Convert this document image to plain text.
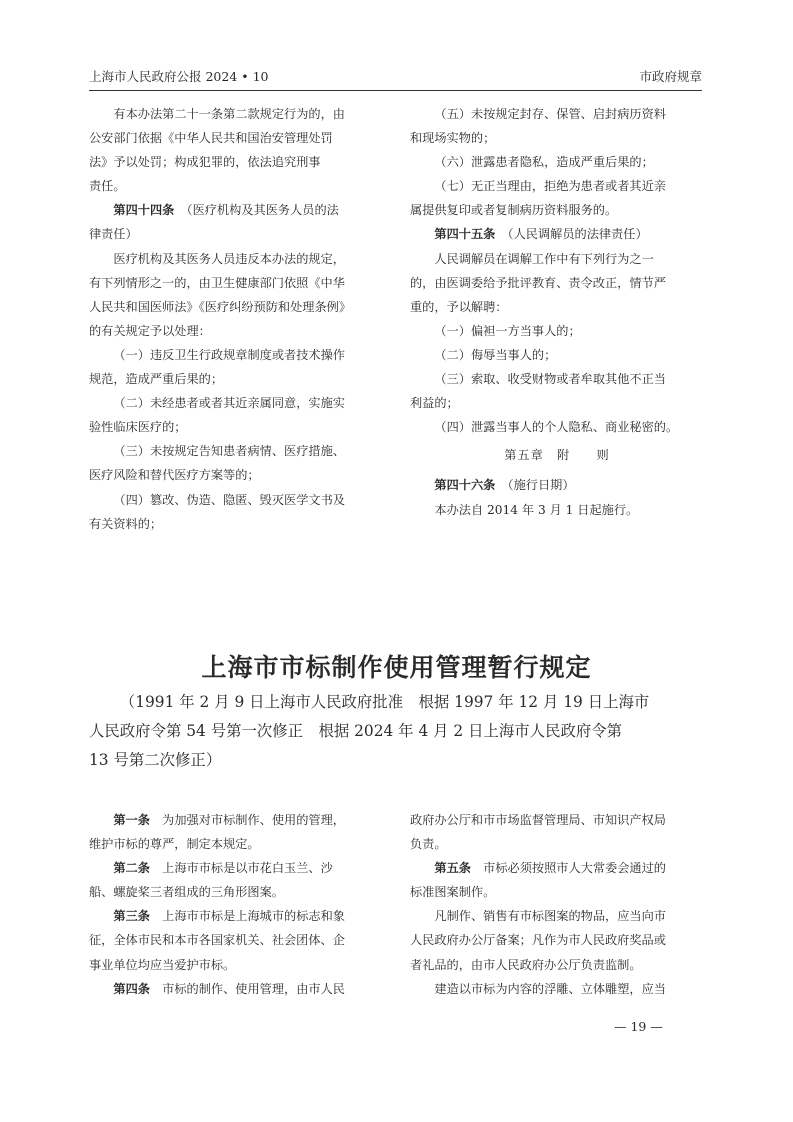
上海市人民政府公报 2024 • 10	市政府规章

有本办法第二十一条第二款规定行为的，由
公安部门依据《中华人民共和国治安管理处罚
法》予以处罚；构成犯罪的，依法追究刑事
责任。

第四十四条　 （医疗机构及其医务人员的法
律责任）

医疗机构及其医务人员违反本办法的规定，
有下列情形之一的，由卫生健康部门依照《中华
人民共和国医师法》《医疗纠纷预防和处理条例》
的有关规定予以处理：

（一）违反卫生行政规章制度或者技术操作
规范，造成严重后果的；

（二）未经患者或者其近亲属同意，实施实
验性临床医疗的；

（三）未按规定告知患者病情、医疗措施、
医疗风险和替代医疗方案等的；

（四）篡改、伪造、隐匿、毁灭医学文书及
有关资料的；

（五）未按规定封存、保管、启封病历资料
和现场实物的；

（六）泄露患者隐私，造成严重后果的；

（七）无正当理由，拒绝为患者或者其近亲
属提供复印或者复制病历资料服务的。

第四十五条　 （人民调解员的法律责任）

人民调解员在调解工作中有下列行为之一
的，由医调委给予批评教育、责令改正，情节严
重的，予以解聘：

（一）偏袒一方当事人的；

（二）侮辱当事人的；

（三）索取、收受财物或者牟取其他不正当
利益的；

（四）泄露当事人的个人隐私、商业秘密的。

第五章　附　　则

第四十六条　 （施行日期）

本办法自 2014 年 3 月 1 日起施行。

上海市市标制作使用管理暂行规定
（1991 年 2 月 9 日上海市人民政府批准　根据 1997 年 12 月 19 日上海市
人民政府令第 54 号第一次修正　根据 2024 年 4 月 2 日上海市人民政府令第
13 号第二次修正）

第一条　 为加强对市标制作、使用的管理，
维护市标的尊严，制定本规定。

第二条　 上海市市标是以市花白玉兰、沙
船、螺旋桨三者组成的三角形图案。

第三条　 上海市市标是上海城市的标志和象
征，全体市民和本市各国家机关、社会团体、企
事业单位均应当爱护市标。

第四条　 市标的制作、使用管理，由市人民

政府办公厅和市市场监督管理局、市知识产权局
负责。

第五条　 市标必须按照市人大常委会通过的
标准图案制作。

凡制作、销售有市标图案的物品，应当向市
人民政府办公厅备案；凡作为市人民政府奖品或
者礼品的，由市人民政府办公厅负责监制。

建造以市标为内容的浮雕、立体雕塑，应当

— 19 —
